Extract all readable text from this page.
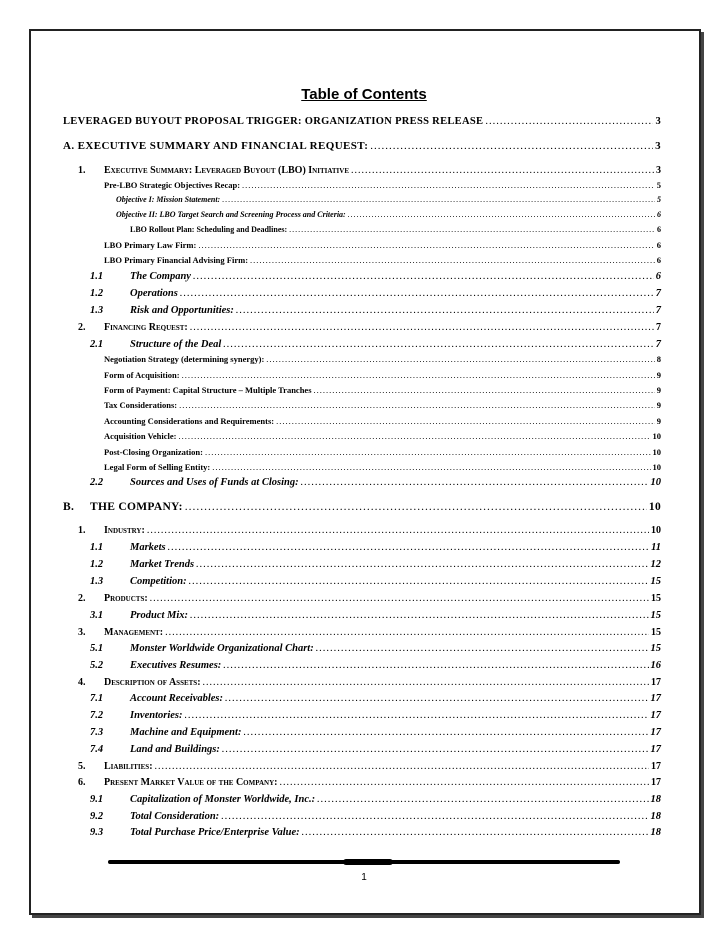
Table of Contents
LEVERAGED BUYOUT PROPOSAL TRIGGER: ORGANIZATION PRESS RELEASE .....	3
A. EXECUTIVE SUMMARY AND FINANCIAL REQUEST: .....	3
1.	Executive Summary: Leveraged Buyout (LBO) Initiative .....	3
Pre-LBO Strategic Objectives Recap: .....	5
Objective I: Mission Statement: .....	5
Objective II: LBO Target Search and Screening Process and Criteria: .....	6
LBO Rollout Plan: Scheduling and Deadlines: .....	6
LBO Primary Law Firm: .....	6
LBO Primary Financial Advising Firm: .....	6
1.1	The Company .....	6
1.2	Operations .....	7
1.3	Risk and Opportunities: .....	7
2.	Financing Request: .....	7
2.1	Structure of the Deal .....	7
Negotiation Strategy (determining synergy): .....	8
Form of Acquisition: .....	9
Form of Payment: Capital Structure – Multiple Tranches .....	9
Tax Considerations: .....	9
Accounting Considerations and Requirements: .....	9
Acquisition Vehicle: .....	10
Post-Closing Organization: .....	10
Legal Form of Selling Entity: .....	10
2.2	Sources and Uses of Funds at Closing: .....	10
B.	THE COMPANY: .....	10
1.	Industry: .....	10
1.1	Markets .....	11
1.2	Market Trends .....	12
1.3	Competition: .....	15
2.	Products: .....	15
3.1	Product Mix: .....	15
3.	Management: .....	15
5.1	Monster Worldwide Organizational Chart: .....	15
5.2	Executives Resumes: .....	16
4.	Description of Assets: .....	17
7.1	Account Receivables: .....	17
7.2	Inventories: .....	17
7.3	Machine and Equipment: .....	17
7.4	Land and Buildings: .....	17
5.	Liabilities: .....	17
6.	Present Market Value of the Company: .....	17
9.1	Capitalization of Monster Worldwide, Inc.: .....	18
9.2	Total Consideration: .....	18
9.3	Total Purchase Price/Enterprise Value: .....	18
1
